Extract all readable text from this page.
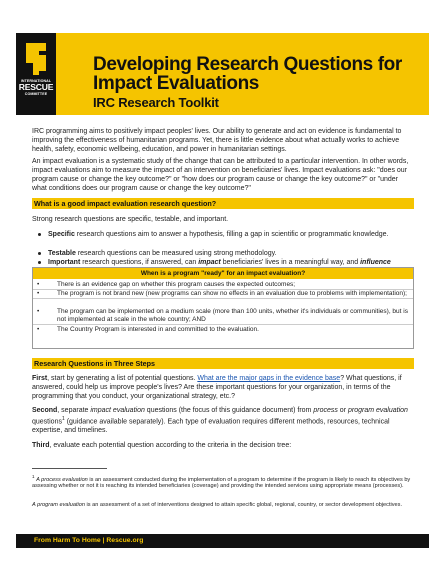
INTERNATIONAL
RESCUE
COMMITTEE
Developing Research Questions for
Impact Evaluations
IRC Research Toolkit
IRC programming aims to positively impact peoples' lives. Our ability to generate and act on evidence is fundamental to improving the effectiveness of humanitarian programs. Yet, there is little evidence about what actually works to achieve health, safety, economic wellbeing, education, and power in humanitarian settings.
An impact evaluation is a systematic study of the change that can be attributed to a particular intervention. In other words, impact evaluations aim to measure the impact of an intervention on beneficiaries' lives. Impact evaluations ask: "does our program cause or change the key outcome?" or "how does our program cause or change the key outcome?" or "under what conditions does our program cause or change the key outcome?"
What is a good impact evaluation research question?
Strong research questions are specific, testable, and important.
Specific research questions aim to answer a hypothesis, filling a gap in scientific or programmatic knowledge.
Testable research questions can be measured using strong methodology.
Important research questions, if answered, can impact beneficiaries' lives in a meaningful way, and influence
When is a program "ready" for an impact evaluation?
•	There is an evidence gap on whether this program causes the expected outcomes;
•	The program is not brand new (new programs can show no effects in an evaluation due to problems with implementation);
•	The program can be implemented on a medium scale (more than 100 units, whether it's individuals or communities), but is not implemented at scale in the whole country; AND
•	The Country Program is interested in and committed to the evaluation.
Research Questions in Three Steps
First, start by generating a list of potential questions. What are the major gaps in the evidence base? What questions, if answered, could help us improve people's lives? Are these important questions for your organization, in terms of the programming that you conduct, your organizational strategy, etc.?
Second, separate impact evaluation questions (the focus of this guidance document) from process or program evaluation questions$^1$ (guidance available separately). Each type of evaluation requires different methods, resources, technical expertise, and timelines.
Third, evaluate each potential question according to the criteria in the decision tree:
$^1$ A process evaluation is an assessment conducted during the implementation of a program to determine if the program is likely to reach its objectives by assessing whether or not it is reaching its intended beneficiaries (coverage) and providing the intended services using appropriate means (processes).
A program evaluation is an assessment of a set of interventions designed to attain specific global, regional, country, or sector development objectives.
From Harm To Home | Rescue.org
